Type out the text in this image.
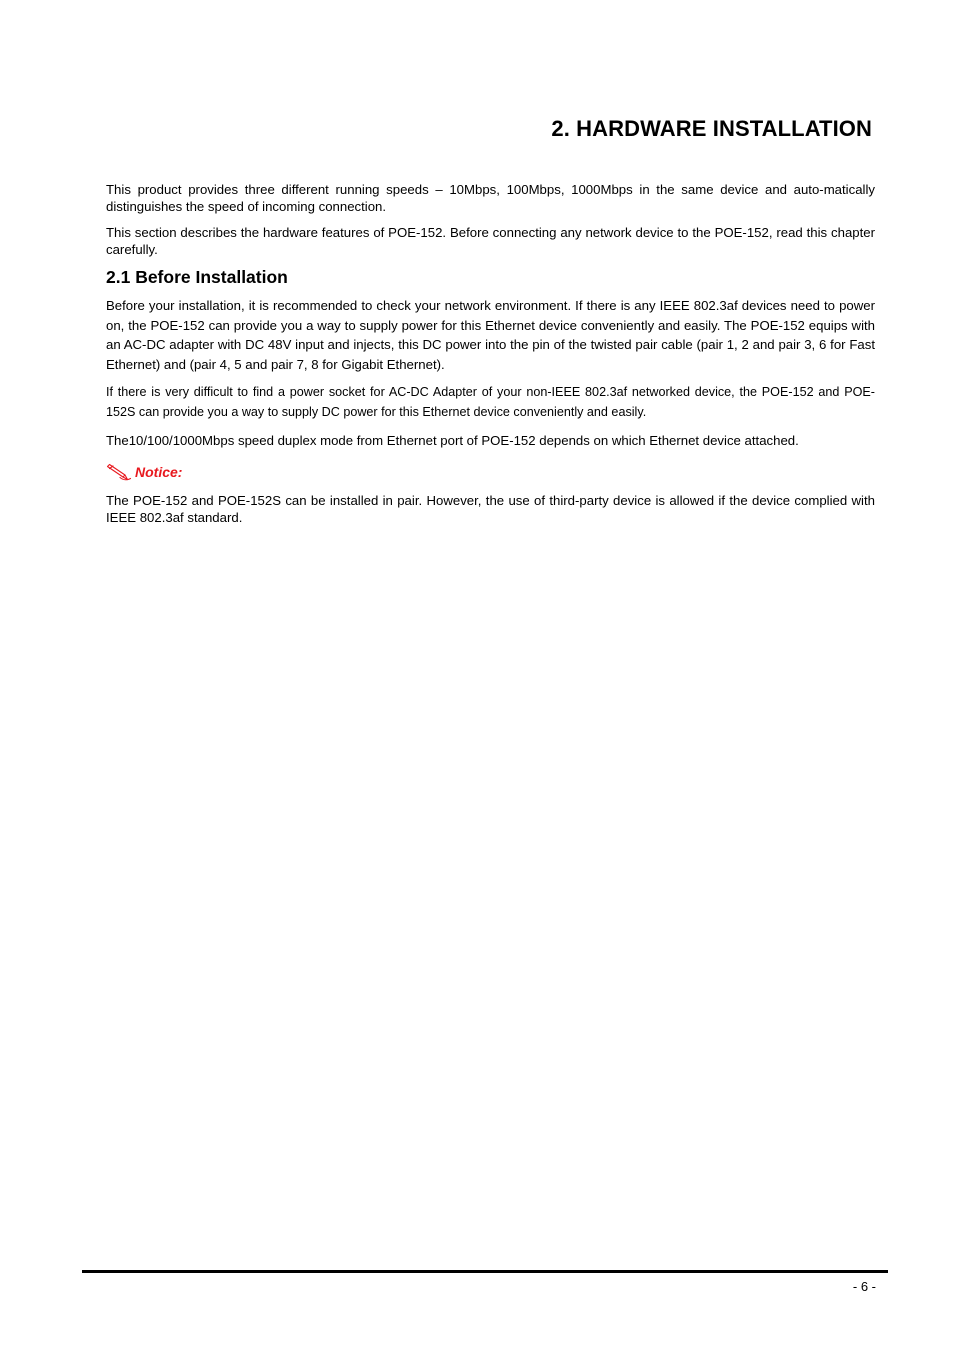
2. HARDWARE INSTALLATION

This product provides three different running speeds – 10Mbps, 100Mbps, 1000Mbps in the same device and auto-matically distinguishes the speed of incoming connection.

This section describes the hardware features of POE-152. Before connecting any network device to the POE-152, read this chapter carefully.

2.1 Before Installation

Before your installation, it is recommended to check your network environment. If there is any IEEE 802.3af devices need to power on, the POE-152 can provide you a way to supply power for this Ethernet device conveniently and easily. The POE-152 equips with an AC-DC adapter with DC 48V input and injects, this DC power into the pin of the twisted pair cable (pair 1, 2 and pair 3, 6 for Fast Ethernet) and (pair 4, 5 and pair 7, 8 for Gigabit Ethernet).

If there is very difficult to find a power socket for AC-DC Adapter of your non-IEEE 802.3af networked device, the POE-152 and POE-152S can provide you a way to supply DC power for this Ethernet device conveniently and easily.

The10/100/1000Mbps speed duplex mode from Ethernet port of POE-152 depends on which Ethernet device attached.

Notice:

The POE-152 and POE-152S can be installed in pair. However, the use of third-party device is allowed if the device complied with IEEE 802.3af standard.

- 6 -
